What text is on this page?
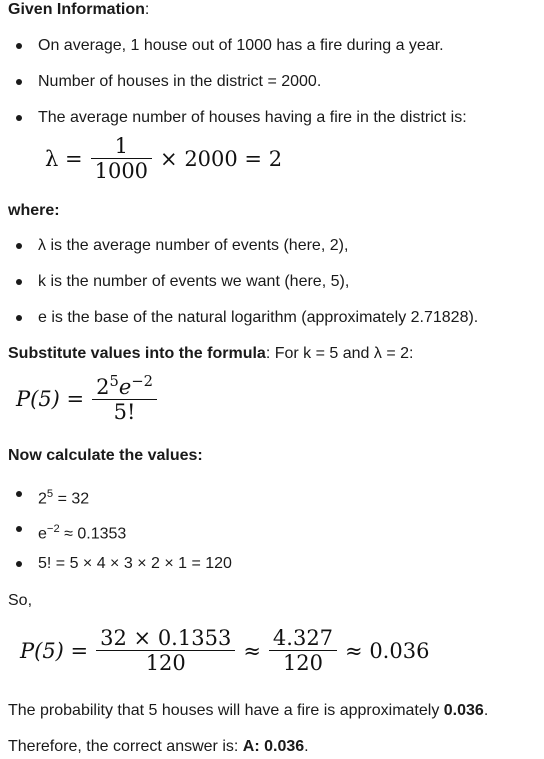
Given Information:
On average, 1 house out of 1000 has a fire during a year.
Number of houses in the district = 2000.
The average number of houses having a fire in the district is:
$\lambda = \frac{1}{1000} \times 2000 = 2$
where:
λ is the average number of events (here, 2),
k is the number of events we want (here, 5),
e is the base of the natural logarithm (approximately 2.71828).
Substitute values into the formula: For k = 5 and λ = 2:
$P(5) = \frac{2^5e^{-2}}{5!}$
Now calculate the values:
$2^5 = 32$
$e^{-2} \approx 0.1353$
5! = 5 × 4 × 3 × 2 × 1 = 120
So,
$P(5) = \frac{32 \times 0.1353}{120} \approx \frac{4.327}{120} \approx 0.036$
The probability that 5 houses will have a fire is approximately 0.036.
Therefore, the correct answer is: A: 0.036.
